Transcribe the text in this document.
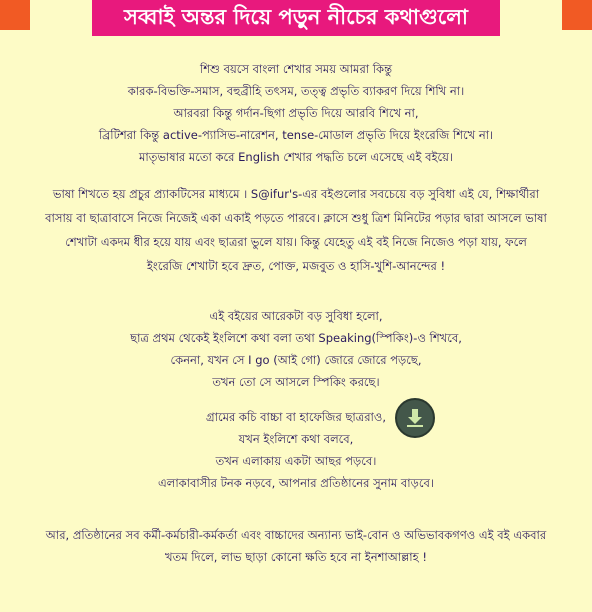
সব্বাই অন্তর দিয়ে পড়ুন নীচের কথাগুলো
শিশু বয়সে বাংলা শেখার সময় আমরা কিন্তু
কারক-বিভক্তি-সমাস, বহুব্রীহি তৎসম, তত্ত্ব প্রভৃতি ব্যাকরণ দিয়ে শিখি না।
আরবরা কিন্তু গর্দান-ছিগা প্রভৃতি দিয়ে আরবি শিখে না,
ব্রিটিশরা কিন্তু active-প্যাসিভ-নারেশন, tense-মোডাল প্রভৃতি দিয়ে ইংরেজি শিখে না।
মাতৃভাষার মতো করে English শেখার পদ্ধতি চলে এসেছে এই বইয়ে।
ভাষা শিখতে হয় প্রচুর প্র্যাকটিসের মাধ্যমে । S@ifur's-এর বইগুলোর সবচেয়ে বড় সুবিধা এই যে, শিক্ষার্থীরা
বাসায় বা ছাত্রাবাসে নিজে নিজেই একা একাই পড়তে পারবে। ক্লাসে শুধু ত্রিশ মিনিটের পড়ার দ্বারা আসলে ভাষা
শেখাটা একদম ধীর হয়ে যায় এবং ছাত্ররা ভুলে যায়। কিন্তু যেহেতু এই বই নিজে নিজেও পড়া যায়, ফলে
ইংরেজি শেখাটা হবে দ্রুত, পোক্ত, মজবুত ও হাসি-খুশি-আনন্দের !
এই বইয়ের আরেকটা বড় সুবিধা হলো,
ছাত্র প্রথম থেকেই ইংলিশে কথা বলা তথা Speaking(স্পিকিং)-ও শিখবে,
কেননা, যখন সে I go (আই গো) জোরে জোরে পড়ছে,
তখন তো সে আসলে স্পিকিং করছে।
গ্রামের কচি বাচ্চা বা হাফেজির ছাত্ররাও,
যখন ইংলিশে কথা বলবে,
তখন এলাকায় একটা আছর পড়বে।
এলাকাবাসীর টনক নড়বে, আপনার প্রতিষ্ঠানের সুনাম বাড়বে।
আর, প্রতিষ্ঠানের সব কর্মী-কর্মচারী-কর্মকর্তা এবং বাচ্চাদের অন্যান্য ভাই-বোন ও অভিভাবকগণও এই বই একবার
খতম দিলে, লাভ ছাড়া কোনো ক্ষতি হবে না ইনশাআল্লাহ !
